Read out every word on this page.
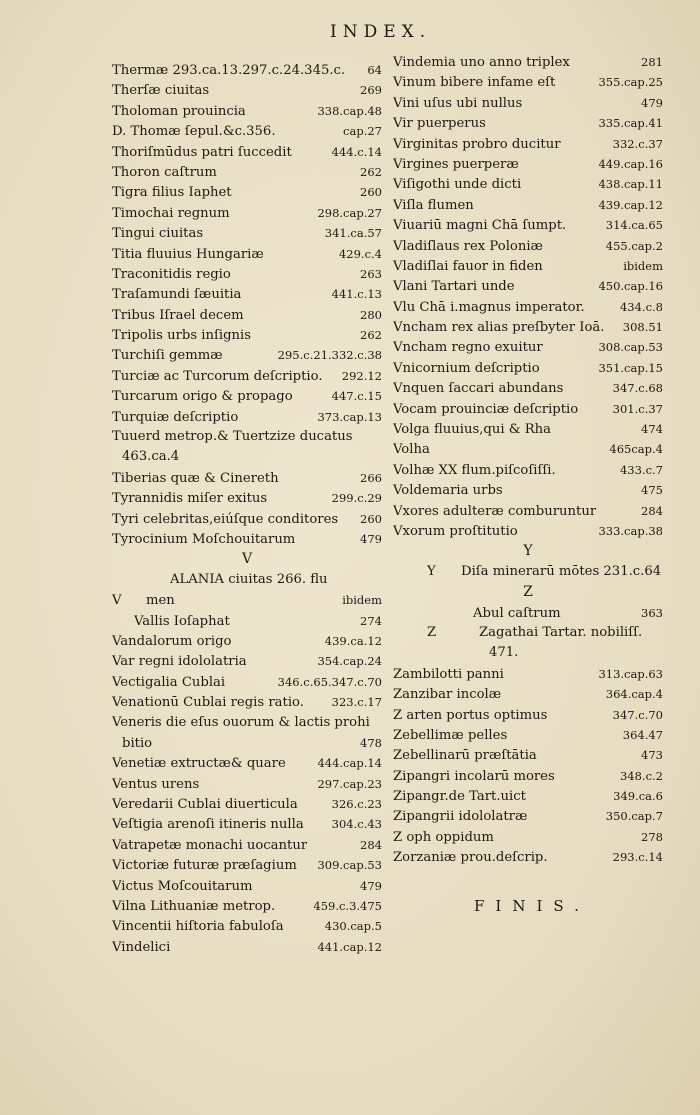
INDEX.
Thermæ 293.ca.13.297.c.24.345.c.	64
Therſæ ciuitas	269
Tholoman prouincia	338.cap.48
D. Thomæ ſepul.&c.356.	cap.27
Thoriſmūdus patri ſuccedit	444.c.14
Thoron caſtrum	262
Tigra filius Iaphet	260
Timochai regnum	298.cap.27
Tingui ciuitas	341.ca.57
Titia fluuius Hungariæ	429.c.4
Traconitidis regio	263
Traſamundi ſæuitia	441.c.13
Tribus Iſrael decem	280
Tripolis urbs inſignis	262
Turchiſi gemmæ	295.c.21.332.c.38
Turciæ ac Turcorum deſcriptio.	292.12
Turcarum origo & propago	447.c.15
Turquiæ deſcriptio	373.cap.13
Tuuerd metrop.& Tuertzize ducatus
463.ca.4
Tiberias quæ & Cinereth	266
Tyrannidis miſer exitus	299.c.29
Tyri celebritas,eiúſque conditores	260
Tyrocinium Moſchouitarum	479
V
ALANIA ciuitas 266. flu
V men	ibidem
Vallis Ioſaphat	274
Vandalorum origo	439.ca.12
Var regni idololatria	354.cap.24
Vectigalia Cublai	346.c.65.347.c.70
Venationū Cublai regis ratio.	323.c.17
Veneris die eſus ouorum & lactis prohi
bitio	478
Venetiæ extructæ& quare	444.cap.14
Ventus urens	297.cap.23
Veredarii Cublai diuerticula	326.c.23
Veſtigia arenoſi itineris nulla	304.c.43
Vatrapetæ monachi uocantur	284
Victoriæ futuræ præſagium	309.cap.53
Victus Moſcouitarum	479
Vilna Lithuaniæ metrop.	459.c.3.475
Vincentii hiſtoria fabuloſa	430.cap.5
Vindelici	441.cap.12
Vindemia uno anno triplex	281
Vinum bibere infame eſt	355.cap.25
Vini uſus ubi nullus	479
Vir puerperus	335.cap.41
Virginitas probro ducitur	332.c.37
Virgines puerperæ	449.cap.16
Viſigothi unde dicti	438.cap.11
Viſla flumen	439.cap.12
Viuariū magni Chā ſumpt.	314.ca.65
Vladiſlaus rex Poloniæ	455.cap.2
Vladiſlai fauor in fiden	ibidem
Vlani Tartari unde	450.cap.16
Vlu Chā i.magnus imperator.	434.c.8
Vncham rex alias preſbyter Ioā.	308.51
Vncham regno exuitur	308.cap.53
Vnicornium deſcriptio	351.cap.15
Vnquen ſaccari abundans	347.c.68
Vocam prouinciæ deſcriptio	301.c.37
Volga fluuius,qui & Rha	474
Volha	465cap.4
Volhæ XX flum.piſcoſiſſi.	433.c.7
Voldemaria urbs	475
Vxores adulteræ comburuntur	284
Vxorum proſtitutio	333.cap.38
Y
Y Diſa minerarū mōtes 231.c.64
Z
Abul caſtrum	363
Z	Zagathai Tartar. nobiliſſ.
471.
Zambilotti panni	313.cap.63
Zanzibar incolæ	364.cap.4
Z arten portus optimus	347.c.70
Zebellimæ pelles	364.47
Zebellinarū præſtātia	473
Zipangri incolarū mores	348.c.2
Zipangr.de Tart.uict	349.ca.6
Zipangrii idololatræ	350.cap.7
Z oph oppidum	278
Zorzaniæ prou.deſcrip.	293.c.14
FINIS.
